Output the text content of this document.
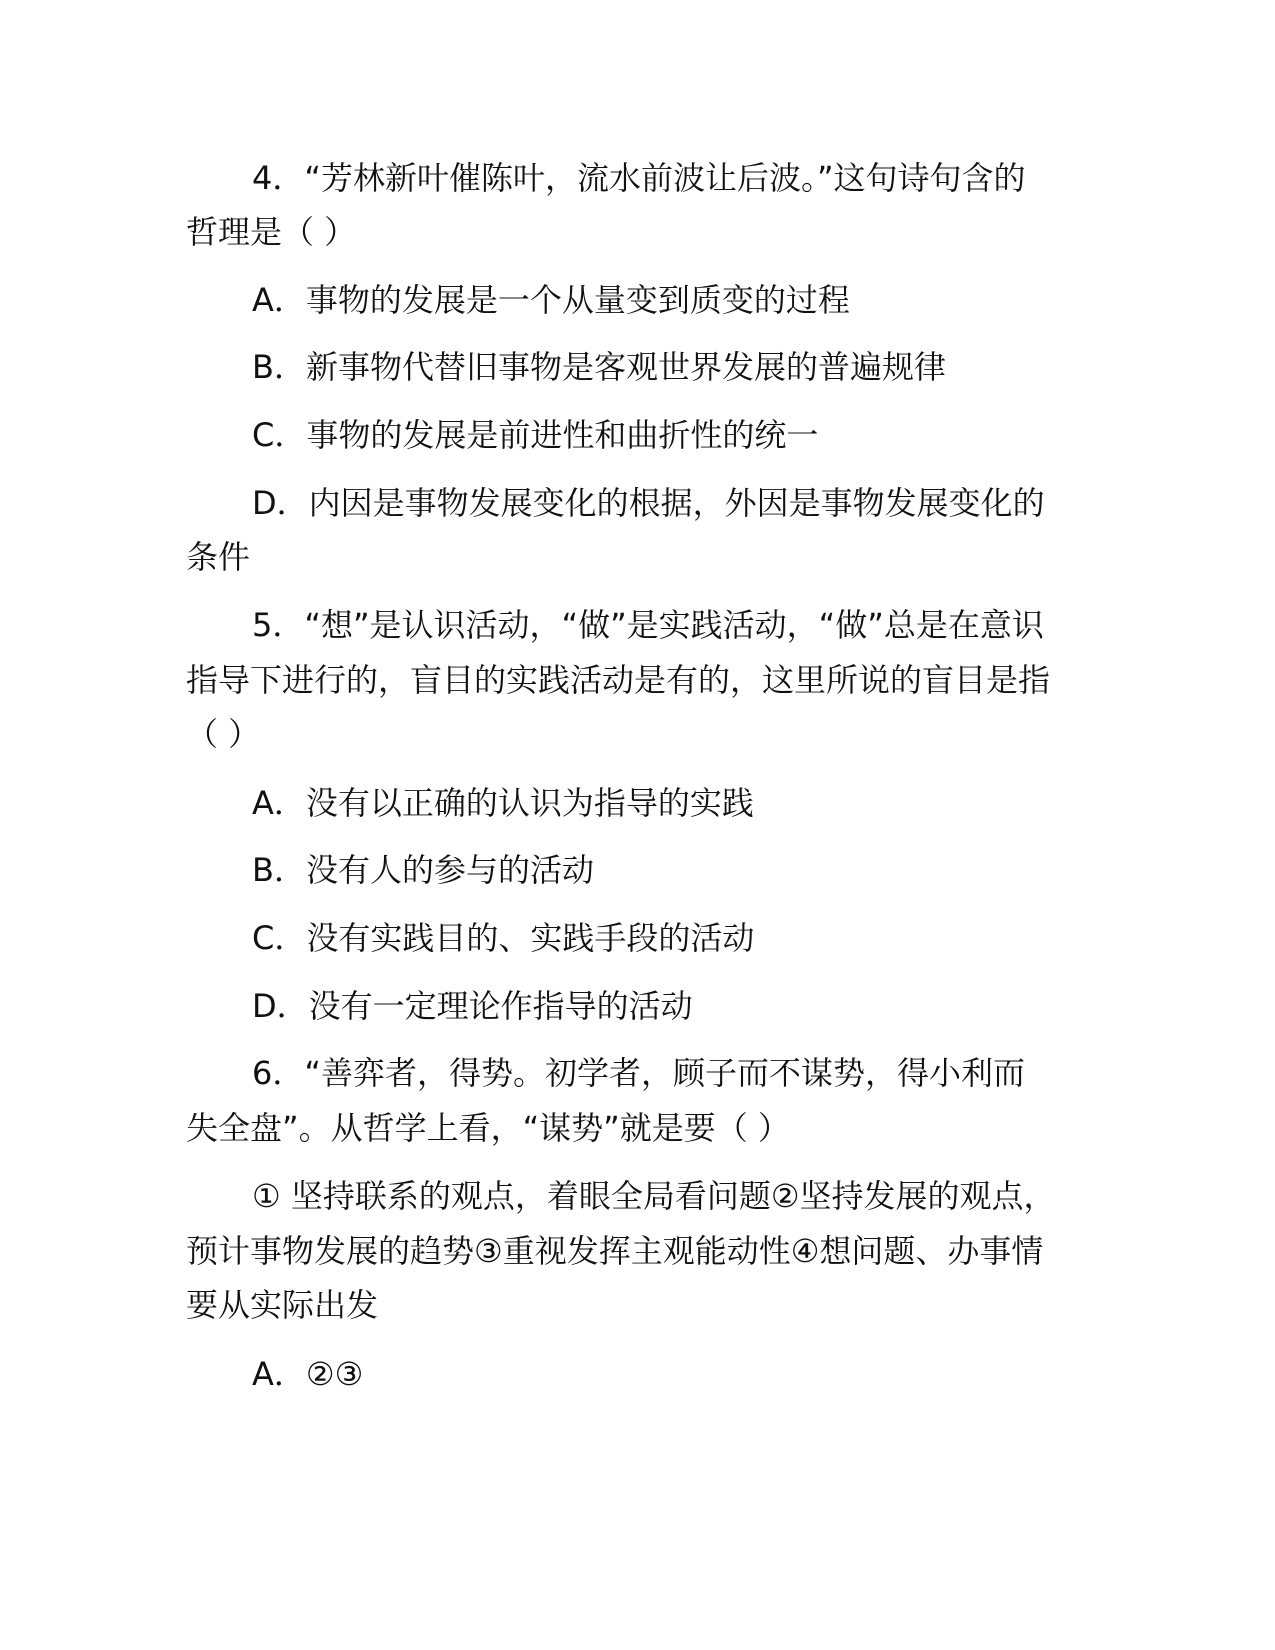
4．“芳林新叶催陈叶，流水前波让后波。”这句诗句含的
哲理是（ ）
A．事物的发展是一个从量变到质变的过程
B．新事物代替旧事物是客观世界发展的普遍规律
C．事物的发展是前进性和曲折性的统一
D．内因是事物发展变化的根据，外因是事物发展变化的
条件
5．“想”是认识活动，“做”是实践活动，“做”总是在意识
指导下进行的，盲目的实践活动是有的，这里所说的盲目是指
（ ）
A．没有以正确的认识为指导的实践
B．没有人的参与的活动
C．没有实践目的、实践手段的活动
D．没有一定理论作指导的活动
6．“善弈者，得势。初学者，顾子而不谋势，得小利而
失全盘”。从哲学上看，“谋势”就是要（ ）
① 坚持联系的观点，着眼全局看问题②坚持发展的观点，
预计事物发展的趋势③重视发挥主观能动性④想问题、办事情
要从实际出发
A．②③
